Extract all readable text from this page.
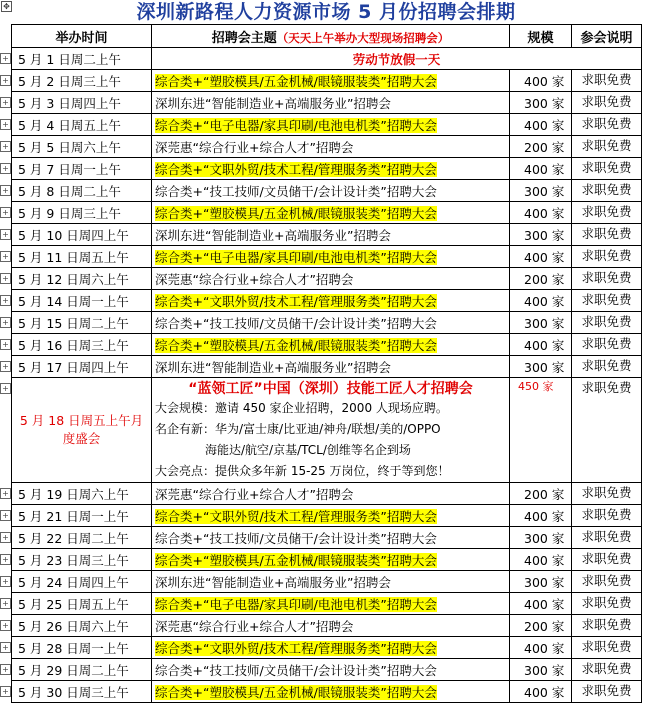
✥	深圳新路程人力资源市场 5 月份招聘会排期
举办时间	招聘会主题（天天上午举办大型现场招聘会）	规模	参会说明
5 月 1 日周二上午	劳动节放假一天		
5 月 2 日周三上午	综合类+“塑胶模具/五金机械/眼镜服装类”招聘大会	400 家	求职免费
5 月 3 日周四上午	深圳东进“智能制造业+高端服务业”招聘会	300 家	求职免费
5 月 4 日周五上午	综合类+“电子电器/家具印刷/电池电机类”招聘大会	400 家	求职免费
5 月 5 日周六上午	深莞惠“综合行业+综合人才”招聘会	200 家	求职免费
5 月 7 日周一上午	综合类+“文职外贸/技术工程/管理服务类”招聘大会	400 家	求职免费
5 月 8 日周二上午	综合类+“技工技师/文员储干/会计设计类”招聘大会	300 家	求职免费
5 月 9 日周三上午	综合类+“塑胶模具/五金机械/眼镜服装类”招聘大会	400 家	求职免费
5 月 10 日周四上午	深圳东进“智能制造业+高端服务业”招聘会	300 家	求职免费
5 月 11 日周五上午	综合类+“电子电器/家具印刷/电池电机类”招聘大会	400 家	求职免费
5 月 12 日周六上午	深莞惠“综合行业+综合人才”招聘会	200 家	求职免费
5 月 14 日周一上午	综合类+“文职外贸/技术工程/管理服务类”招聘大会	400 家	求职免费
5 月 15 日周二上午	综合类+“技工技师/文员储干/会计设计类”招聘大会	300 家	求职免费
5 月 16 日周三上午	综合类+“塑胶模具/五金机械/眼镜服装类”招聘大会	400 家	求职免费
5 月 17 日周四上午	深圳东进“智能制造业+高端服务业”招聘会	300 家	求职免费
5 月 18 日周五上午月度盛会	“蓝领工匠”中国（深圳）技能工匠人才招聘会
大会规模：邀请 450 家企业招聘，2000 人现场应聘。
名企有新：华为/富士康/比亚迪/神舟/联想/美的/OPPO
海能达/航空/京基/TCL/创维等名企到场
大会亮点：提供众多年新 15-25 万岗位，终于等到您！	450 家	求职免费
5 月 19 日周六上午	深莞惠“综合行业+综合人才”招聘会	200 家	求职免费
5 月 21 日周一上午	综合类+“文职外贸/技术工程/管理服务类”招聘大会	400 家	求职免费
5 月 22 日周二上午	综合类+“技工技师/文员储干/会计设计类”招聘大会	300 家	求职免费
5 月 23 日周三上午	综合类+“塑胶模具/五金机械/眼镜服装类”招聘大会	400 家	求职免费
5 月 24 日周四上午	深圳东进“智能制造业+高端服务业”招聘会	300 家	求职免费
5 月 25 日周五上午	综合类+“电子电器/家具印刷/电池电机类”招聘大会	400 家	求职免费
5 月 26 日周六上午	深莞惠“综合行业+综合人才”招聘会	200 家	求职免费
5 月 28 日周一上午	综合类+“文职外贸/技术工程/管理服务类”招聘大会	400 家	求职免费
5 月 29 日周二上午	综合类+“技工技师/文员储干/会计设计类”招聘大会	300 家	求职免费
5 月 30 日周三上午	综合类+“塑胶模具/五金机械/眼镜服装类”招聘大会	400 家	求职免费
+
+
+
+
+
+
+
+
+
+
+
+
+
+
+
+
+
+
+
+
+
+
+
+
+
+
